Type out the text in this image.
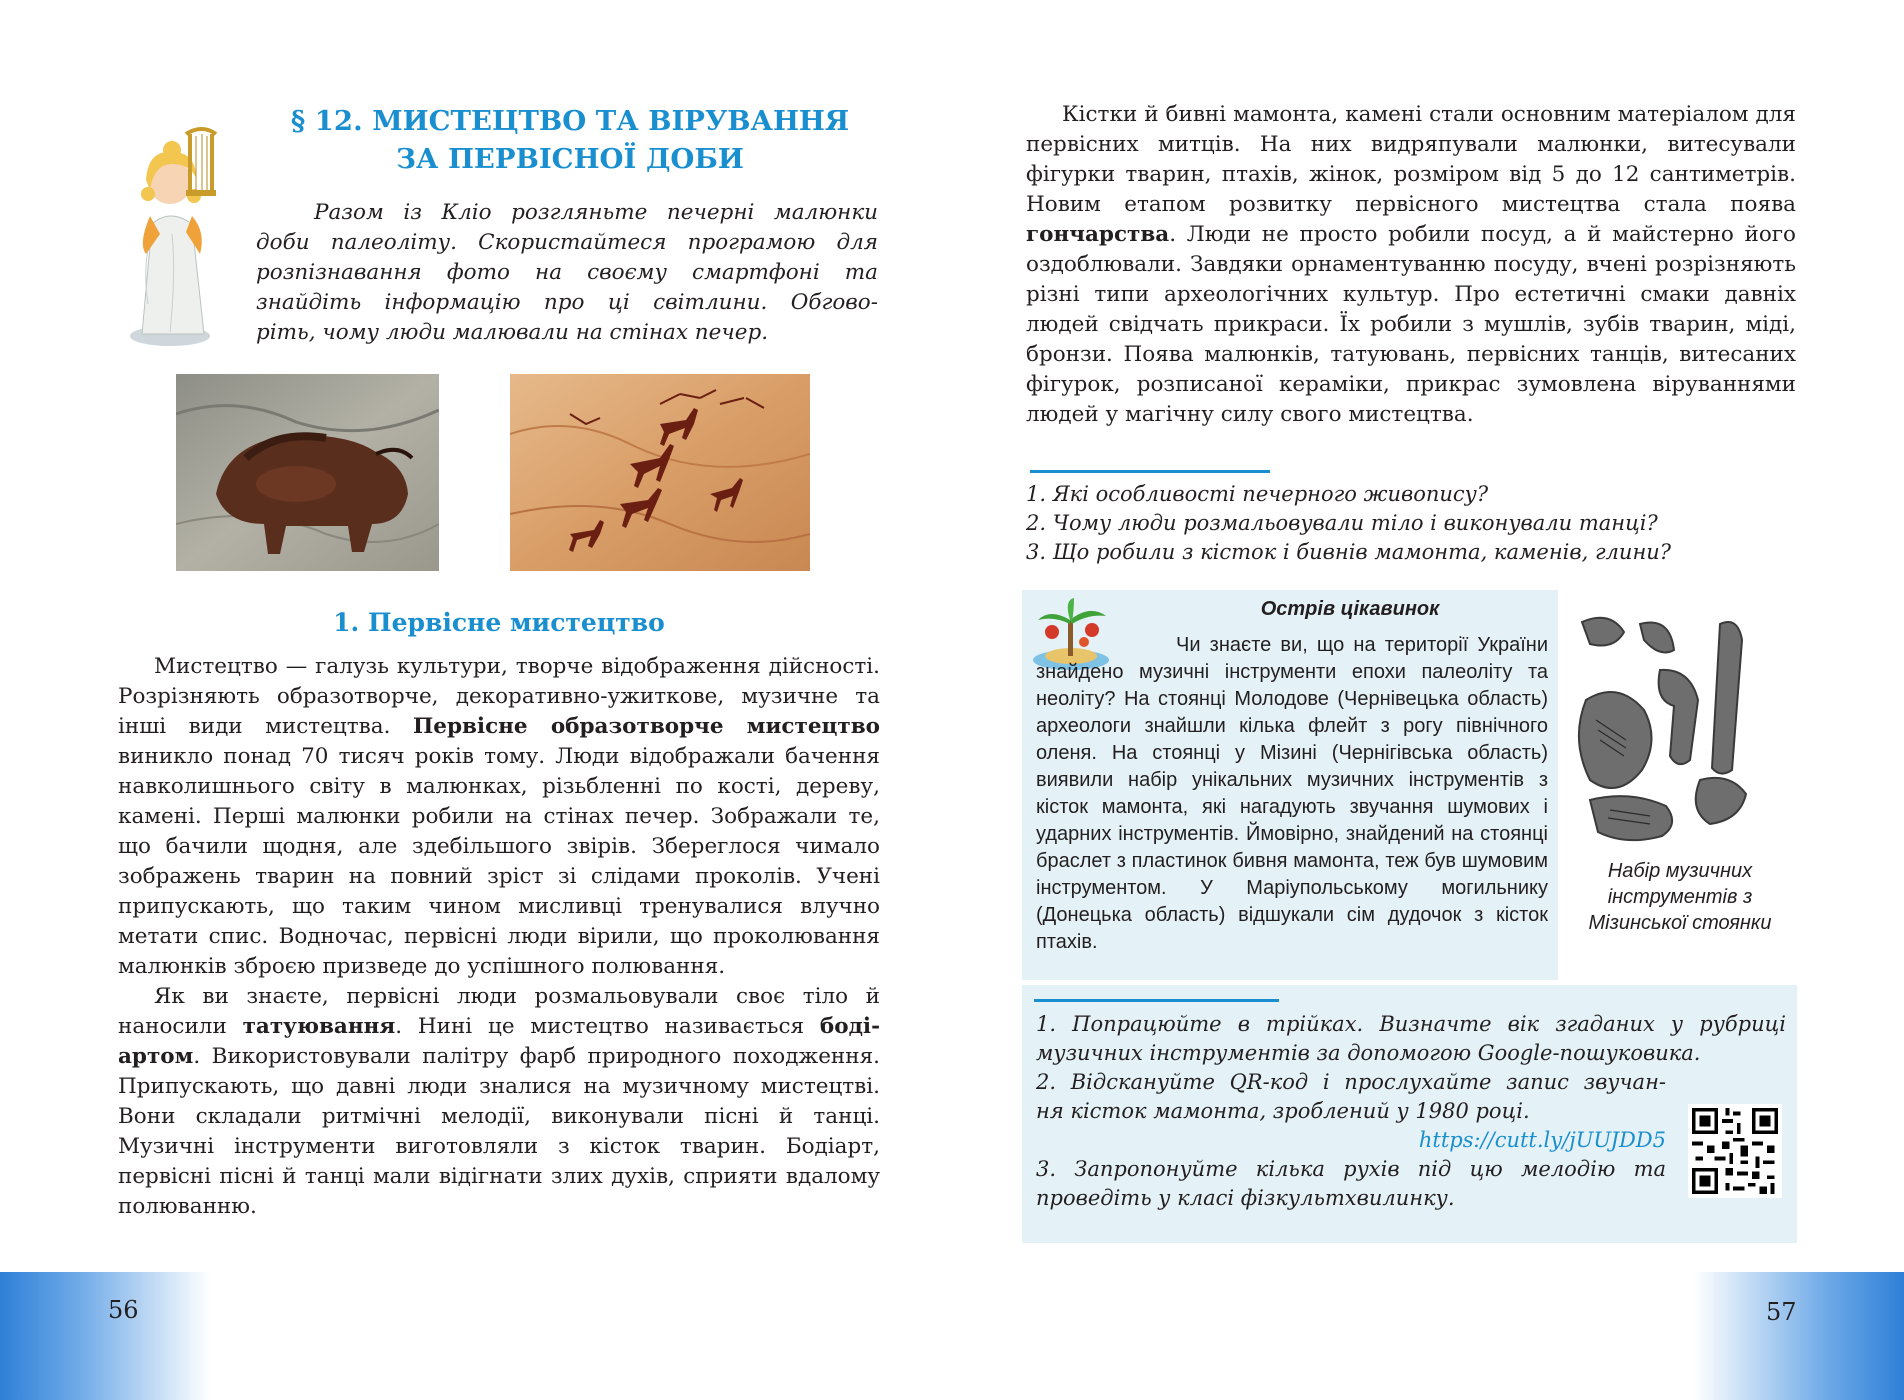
§ 12. МИСТЕЦТВО ТА ВІРУВАННЯ
ЗА ПЕРВІСНОЇ ДОБИ
Разом із Кліо розгляньте печерні малюнки
доби палеоліту. Скористайтеся програмою для
розпізнавання фото на своєму смартфоні та
знайдіть інформацію про ці світлини. Обгово-
ріть, чому люди малювали на стінах печер.
1. Первісне мистецтво

Мистецтво — галузь культури, творче відображення дійсності. Розрізняють образотворче, декоративно-ужиткове, музичне та інші види мистецтва. Первісне образотворче мистецтво виникло понад 70 тисяч років тому. Люди відображали бачення навколишнього світу в малюнках, різьбленні по кості, дереву, камені. Перші малюнки робили на стінах печер. Зображали те, що бачили щодня, але здебільшого звірів. Збереглося чимало зображень тварин на повний зріст зі слідами проколів. Учені припускають, що таким чином мисливці тренувалися влучно метати спис. Водночас, первісні люди вірили, що проколювання малюнків зброєю призведе до успішного полювання.

Як ви знаєте, первісні люди розмальовували своє тіло й наносили татуювання. Нині це мистецтво називається боді-артом. Використовували палітру фарб природного походження. Припускають, що давні люди зналися на музичному мистецтві. Вони складали ритмічні мелодії, виконували пісні й танці. Музичні інструменти виготовляли з кісток тварин. Бодіарт, первісні пісні й танці мали відігнати злих духів, сприяти вдалому полюванню.

56

Кістки й бивні мамонта, камені стали основним матеріалом для первісних митців. На них видряпували малюнки, витесували фігурки тварин, птахів, жінок, розміром від 5 до 12 сантиметрів. Новим етапом розвитку первісного мистецтва стала поява гончарства. Люди не просто робили посуд, а й майстерно його оздоблювали. Завдяки орнаментуванню посуду, вчені розрізняють різні типи археологічних культур. Про естетичні смаки давніх людей свідчать прикраси. Їх робили з мушлів, зубів тварин, міді, бронзи. Поява малюнків, татуювань, первісних танців, витесаних фігурок, розписаної кераміки, прикрас зумовлена віруваннями людей у магічну силу свого мистецтва.

1. Які особливості печерного живопису?
2. Чому люди розмальовували тіло і виконували танці?
3. Що робили з кісток і бивнів мамонта, каменів, глини?
Острів цікавинок
Чи знаєте ви, що на території України знайдено музичні інструменти епохи палеоліту та неоліту? На стоянці Молодове (Чернівецька область) археологи знайшли кілька флейт з рогу північного оленя. На стоянці у Мізині (Чернігівська область) виявили набір унікальних музичних інструментів з кісток мамонта, які нагадують звучання шумових і ударних інструментів. Ймовірно, знайдений на стоянці браслет з пластинок бивня мамонта, теж був шумовим інструментом. У Маріупольському могильнику (Донецька область) відшукали сім дудочок з кісток птахів.
Набір музичних
інструментів з
Мізинської стоянки
1. Попрацюйте в трійках. Визначте вік згаданих у рубриці музичних інструментів за допомогою Google-пошуковика.
2. Відскануйте QR-код і прослухайте запис звучан-
ня кісток мамонта, зроблений у 1980 році.
https://cutt.ly/jUUJDD5
3. Запропонуйте кілька рухів під цю мелодію та проведіть у класі фізкультхвилинку.
57
